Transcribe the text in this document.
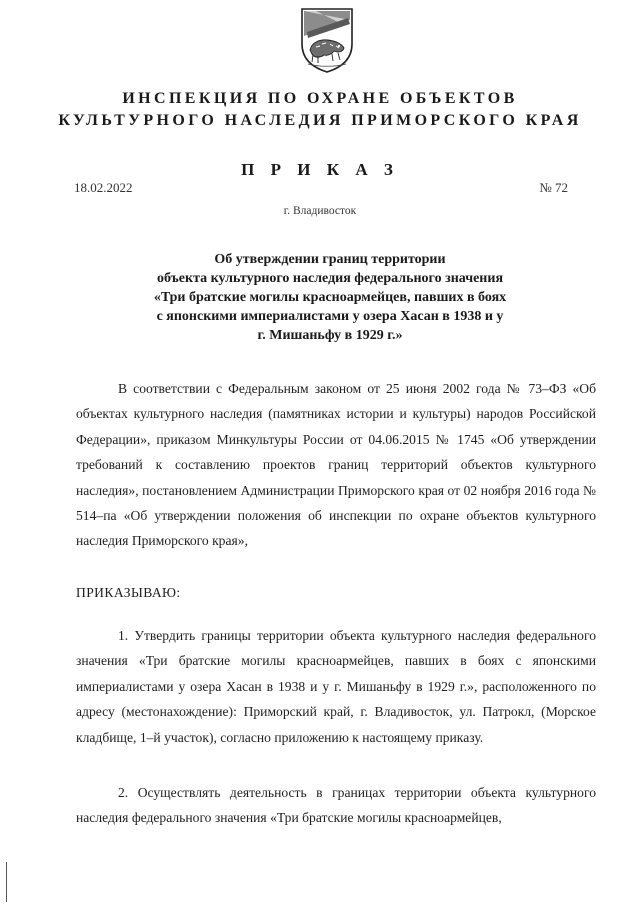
ИНСПЕКЦИЯ ПО ОХРАНЕ ОБЪЕКТОВ
КУЛЬТУРНОГО НАСЛЕДИЯ ПРИМОРСКОГО КРАЯ
П Р И К А З
18.02.2022	№ 72
г. Владивосток
Об утверждении границ территории
объекта культурного наследия федерального значения
«Три братские могилы красноармейцев, павших в боях
с японскими империалистами у озера Хасан в 1938 и у
г. Мишаньфу в 1929 г.»

В соответствии с Федеральным законом от 25 июня 2002 года № 73–ФЗ «Об объектах культурного наследия (памятниках истории и культуры) народов Российской Федерации», приказом Минкультуры России от 04.06.2015 № 1745 «Об утверждении требований к составлению проектов границ территорий объектов культурного наследия», постановлением Администрации Приморского края от 02 ноября 2016 года № 514–па «Об утверждении положения об инспекции по охране объектов культурного наследия Приморского края»,

ПРИКАЗЫВАЮ:

1. Утвердить границы территории объекта культурного наследия федерального значения «Три братские могилы красноармейцев, павших в боях с японскими империалистами у озера Хасан в 1938 и у г. Мишаньфу в 1929 г.», расположенного по адресу (местонахождение): Приморский край, г. Владивосток, ул. Патрокл, (Морское кладбище, 1–й участок), согласно приложению к настоящему приказу.

2. Осуществлять деятельность в границах территории объекта культурного наследия федерального значения «Три братские могилы красноармейцев,
